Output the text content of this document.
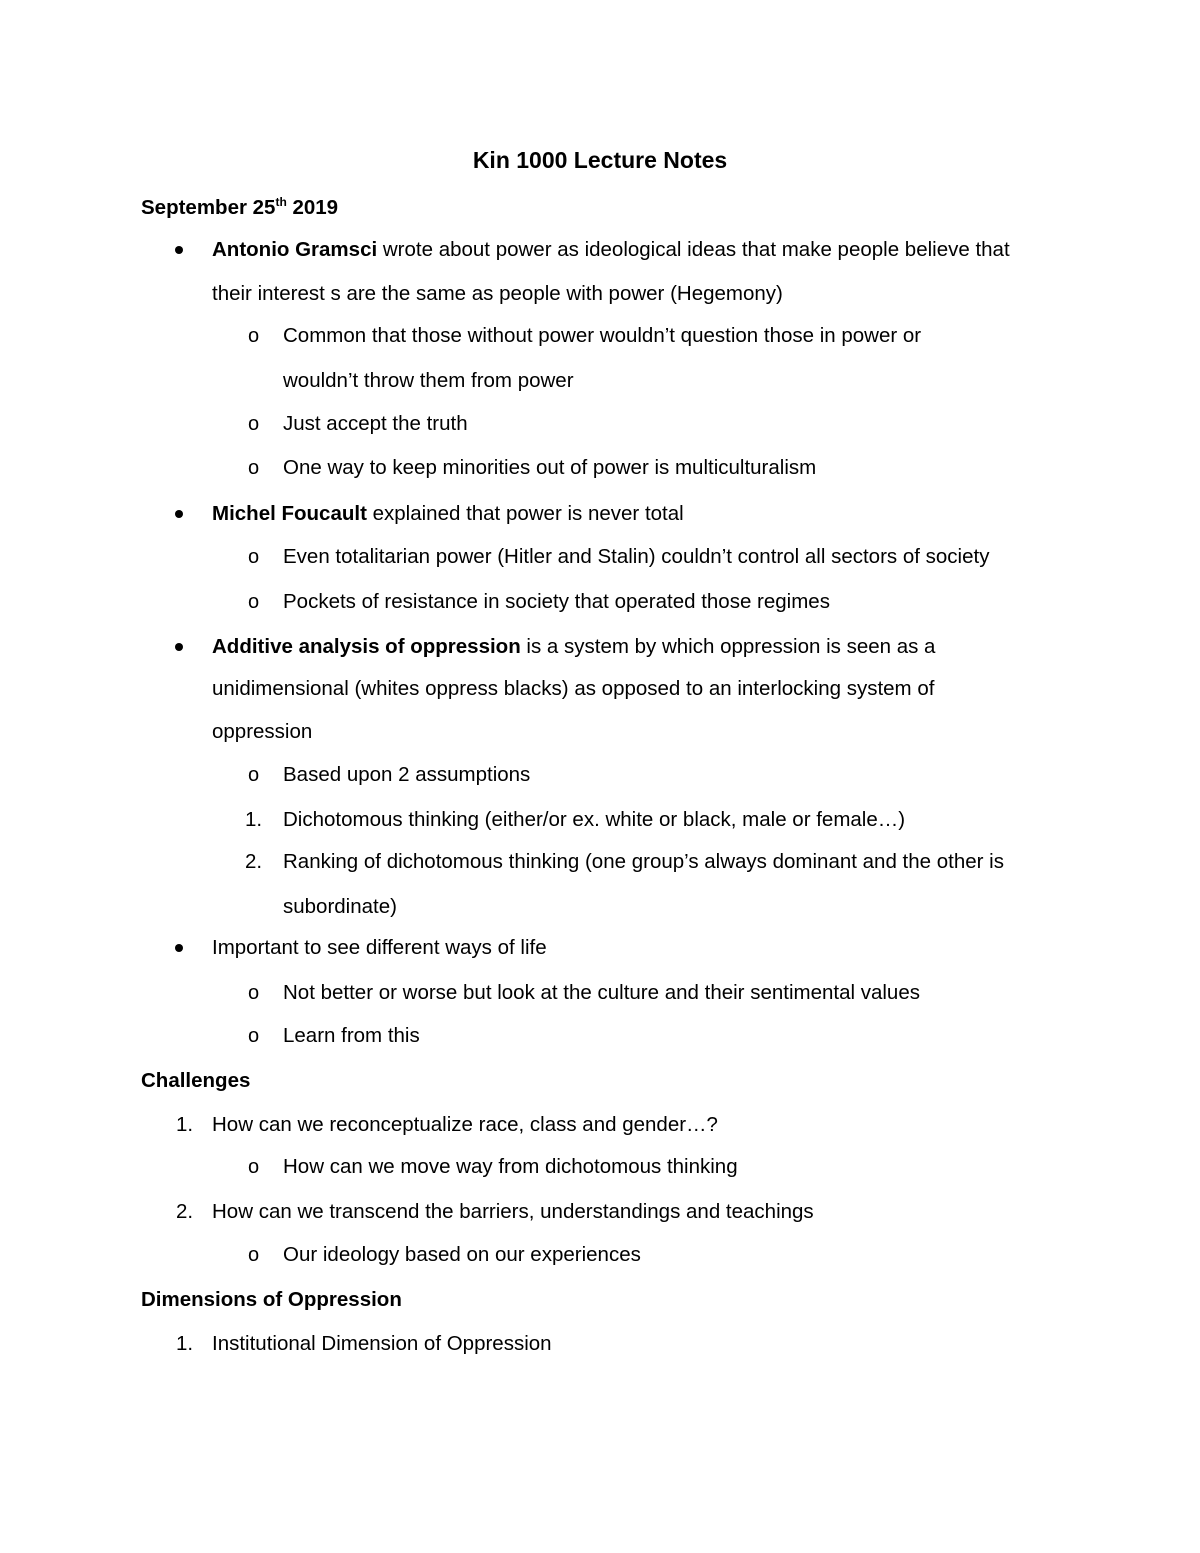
Kin 1000 Lecture Notes
September 25th 2019
Antonio Gramsci wrote about power as ideological ideas that make people believe that
their interest s are the same as people with power (Hegemony)
o Common that those without power wouldn’t question those in power or
wouldn’t throw them from power
o Just accept the truth
o One way to keep minorities out of power is multiculturalism
Michel Foucault explained that power is never total
o Even totalitarian power (Hitler and Stalin) couldn’t control all sectors of society
o Pockets of resistance in society that operated those regimes
Additive analysis of oppression is a system by which oppression is seen as a
unidimensional (whites oppress blacks) as opposed to an interlocking system of
oppression
o Based upon 2 assumptions
1. Dichotomous thinking (either/or ex. white or black, male or female…)
2. Ranking of dichotomous thinking (one group’s always dominant and the other is
subordinate)
Important to see different ways of life
o Not better or worse but look at the culture and their sentimental values
o Learn from this
Challenges
1. How can we reconceptualize race, class and gender…?
o How can we move way from dichotomous thinking
2. How can we transcend the barriers, understandings and teachings
o Our ideology based on our experiences
Dimensions of Oppression
1. Institutional Dimension of Oppression
